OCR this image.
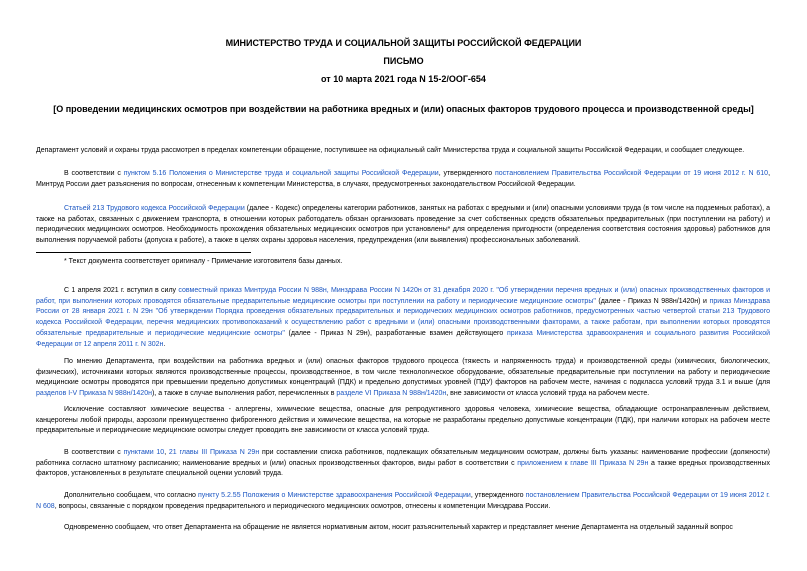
МИНИСТЕРСТВО ТРУДА И СОЦИАЛЬНОЙ ЗАЩИТЫ РОССИЙСКОЙ ФЕДЕРАЦИИ
ПИСЬМО
от 10 марта 2021 года N 15-2/ООГ-654
[О проведении медицинских осмотров при воздействии на работника вредных и (или) опасных факторов трудового процесса и производственной среды]
Департамент условий и охраны труда рассмотрел в пределах компетенции обращение, поступившее на официальный сайт Министерства труда и социальной защиты Российской Федерации, и сообщает следующее.
В соответствии с пунктом 5.16 Положения о Министерстве труда и социальной защиты Российской Федерации, утвержденного постановлением Правительства Российской Федерации от 19 июня 2012 г. N 610, Минтруд России дает разъяснения по вопросам, отнесенным к компетенции Министерства, в случаях, предусмотренных законодательством Российской Федерации.
Статьей 213 Трудового кодекса Российской Федерации (далее - Кодекс) определены категории работников, занятых на работах с вредными и (или) опасными условиями труда (в том числе на подземных работах), а также на работах, связанных с движением транспорта, в отношении которых работодатель обязан организовать проведение за счет собственных средств обязательных предварительных (при поступлении на работу) и периодических медицинских осмотров. Необходимость прохождения обязательных медицинских осмотров при установлены* для определения пригодности (определения соответствия состояния здоровья) работников для выполнения поручаемой работы (допуска к работе), а также в целях охраны здоровья населения, предупреждения (или выявления) профессиональных заболеваний.
* Текст документа соответствует оригиналу - Примечание изготовителя базы данных.
С 1 апреля 2021 г. вступил в силу совместный приказ Минтруда России N 988н, Минздрава России N 1420н от 31 декабря 2020 г. "Об утверждении перечня вредных и (или) опасных производственных факторов и работ, при выполнении которых проводятся обязательные предварительные медицинские осмотры при поступлении на работу и периодические медицинские осмотры" (далее - Приказ N 988н/1420н) и приказ Минздрава России от 28 января 2021 г. N 29н "Об утверждении Порядка проведения обязательных предварительных и периодических медицинских осмотров работников, предусмотренных частью четвертой статьи 213 Трудового кодекса Российской Федерации, перечня медицинских противопоказаний к осуществлению работ с вредными и (или) опасными производственными факторами, а также работам, при выполнении которых проводятся обязательные предварительные и периодические медицинские осмотры" (далее - Приказ N 29н), разработанные взамен действующего приказа Министерства здравоохранения и социального развития Российской Федерации от 12 апреля 2011 г. N 302н.
По мнению Департамента, при воздействии на работника вредных и (или) опасных факторов трудового процесса (тяжесть и напряженность труда) и производственной среды (химических, биологических, физических), источниками которых являются производственные процессы, производственное, в том числе технологическое оборудование, обязательные предварительные при поступлении на работу и периодические медицинские осмотры проводятся при превышении предельно допустимых концентраций (ПДК) и предельно допустимых уровней (ПДУ) факторов на рабочем месте, начиная с подкласса условий труда 3.1 и выше (для разделов I-V Приказа N 988н/1420н), а также в случае выполнения работ, перечисленных в разделе VI Приказа N 988н/1420н, вне зависимости от класса условий труда на рабочем месте.
Исключение составляют химические вещества - аллергены, химические вещества, опасные для репродуктивного здоровья человека, химические вещества, обладающие остронаправленным действием, канцерогены любой природы, аэрозоли преимущественно фиброгенного действия и химические вещества, на которые не разработаны предельно допустимые концентрации (ПДК), при наличии которых на рабочем месте предварительные и периодические медицинские осмотры следует проводить вне зависимости от класса условий труда.
В соответствии с пунктами 10, 21 главы III Приказа N 29н при составлении списка работников, подлежащих обязательным медицинским осмотрам, должны быть указаны: наименование профессии (должности) работника согласно штатному расписанию; наименование вредных и (или) опасных производственных факторов, виды работ в соответствии с приложением к главе III Приказа N 29н а также вредных производственных факторов, установленных в результате специальной оценки условий труда.
Дополнительно сообщаем, что согласно пункту 5.2.55 Положения о Министерстве здравоохранения Российской Федерации, утвержденного постановлением Правительства Российской Федерации от 19 июня 2012 г. N 608, вопросы, связанные с порядком проведения предварительного и периодического медицинских осмотров, отнесены к компетенции Минздрава России.
Одновременно сообщаем, что ответ Департамента на обращение не является нормативным актом, носит разъяснительный характер и представляет мнение Департамента на отдельный заданный вопрос
